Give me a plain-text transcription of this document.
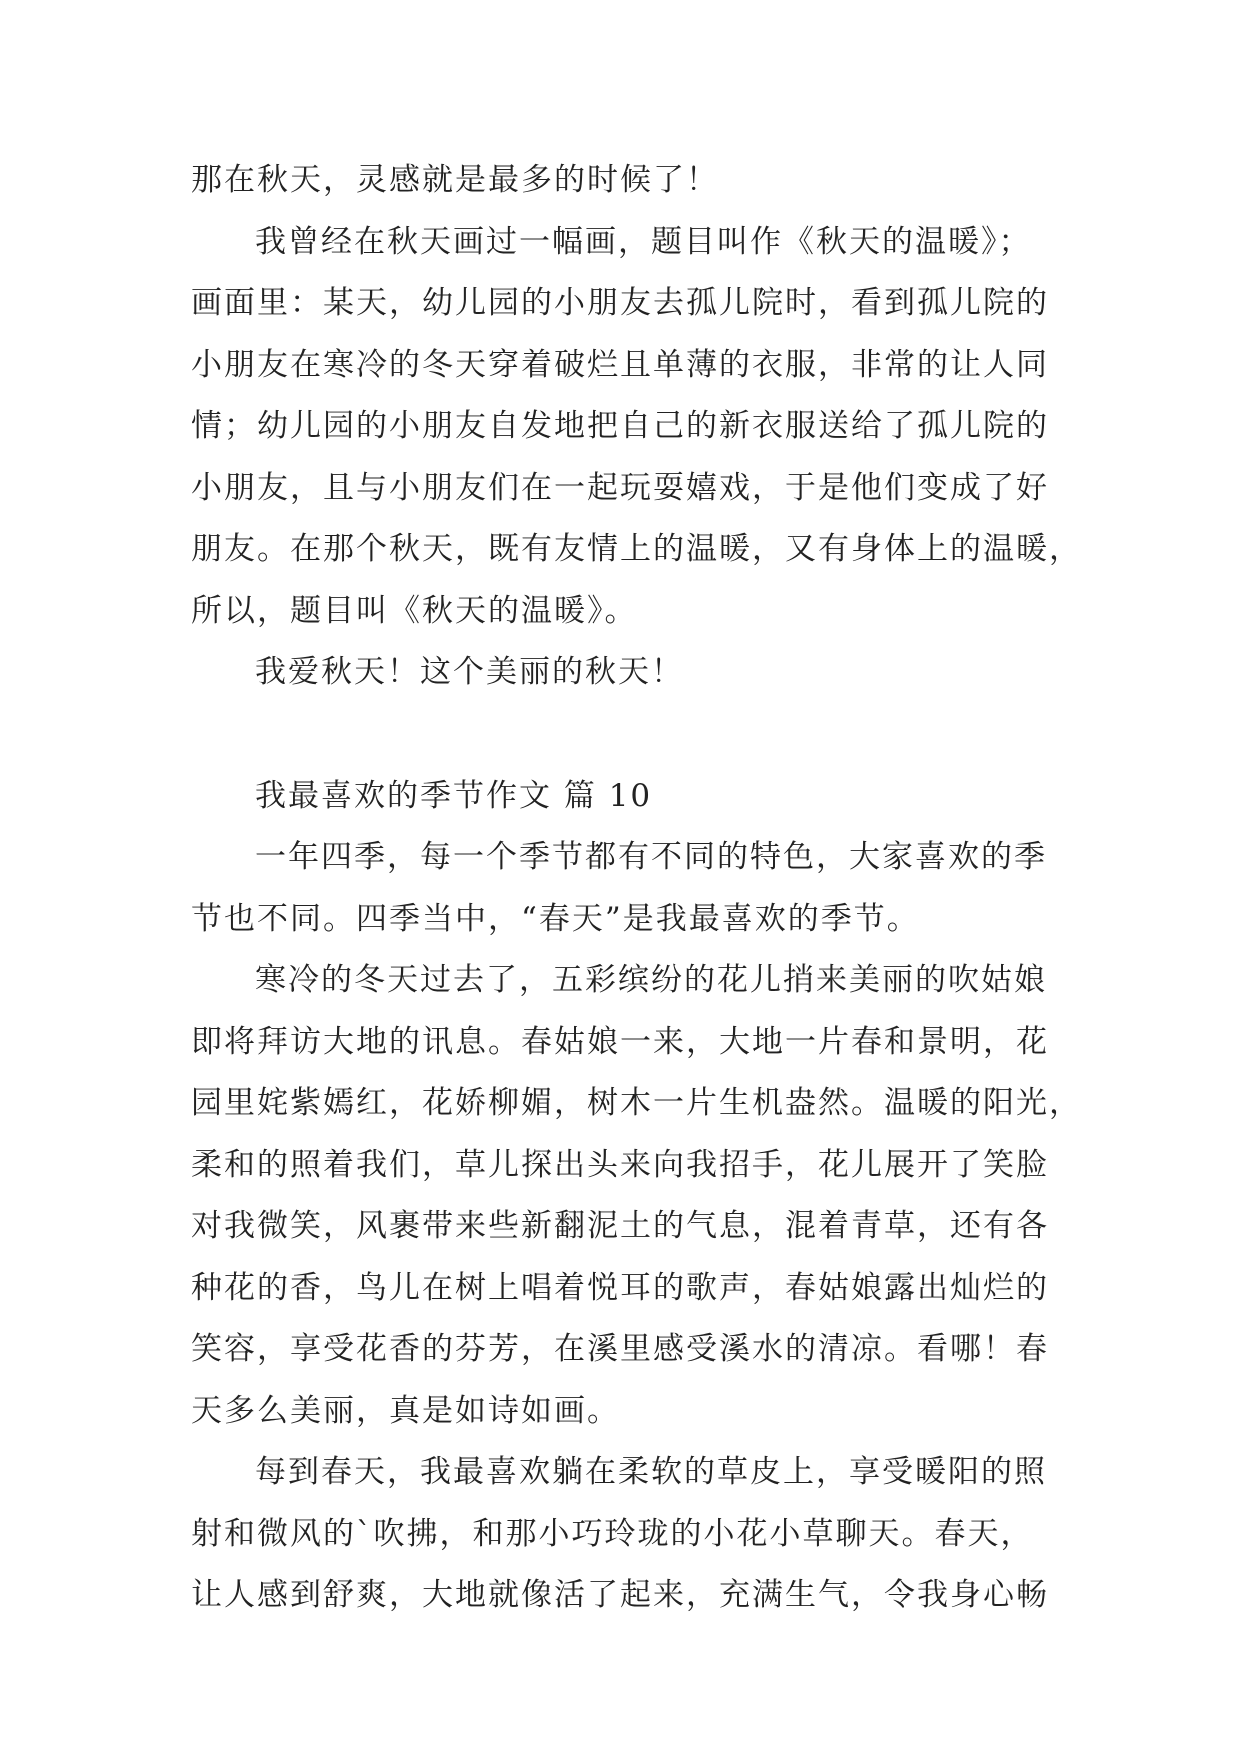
那在秋天，灵感就是最多的时候了！
我曾经在秋天画过一幅画，题目叫作《秋天的温暖》；
画面里：某天，幼儿园的小朋友去孤儿院时，看到孤儿院的
小朋友在寒冷的冬天穿着破烂且单薄的衣服，非常的让人同
情；幼儿园的小朋友自发地把自己的新衣服送给了孤儿院的
小朋友，且与小朋友们在一起玩耍嬉戏，于是他们变成了好
朋友。在那个秋天，既有友情上的温暖，又有身体上的温暖，
所以，题目叫《秋天的温暖》。
我爱秋天！这个美丽的秋天！
我最喜欢的季节作文 篇 10
一年四季，每一个季节都有不同的特色，大家喜欢的季
节也不同。四季当中，“春天”是我最喜欢的季节。
寒冷的冬天过去了，五彩缤纷的花儿捎来美丽的吹姑娘
即将拜访大地的讯息。春姑娘一来，大地一片春和景明，花
园里姹紫嫣红，花娇柳媚，树木一片生机盎然。温暖的阳光，
柔和的照着我们，草儿探出头来向我招手，花儿展开了笑脸
对我微笑，风裹带来些新翻泥土的气息，混着青草，还有各
种花的香，鸟儿在树上唱着悦耳的歌声，春姑娘露出灿烂的
笑容，享受花香的芬芳，在溪里感受溪水的清凉。看哪！春
天多么美丽，真是如诗如画。
每到春天，我最喜欢躺在柔软的草皮上，享受暖阳的照
射和微风的`吹拂，和那小巧玲珑的小花小草聊天。春天，
让人感到舒爽，大地就像活了起来，充满生气，令我身心畅
